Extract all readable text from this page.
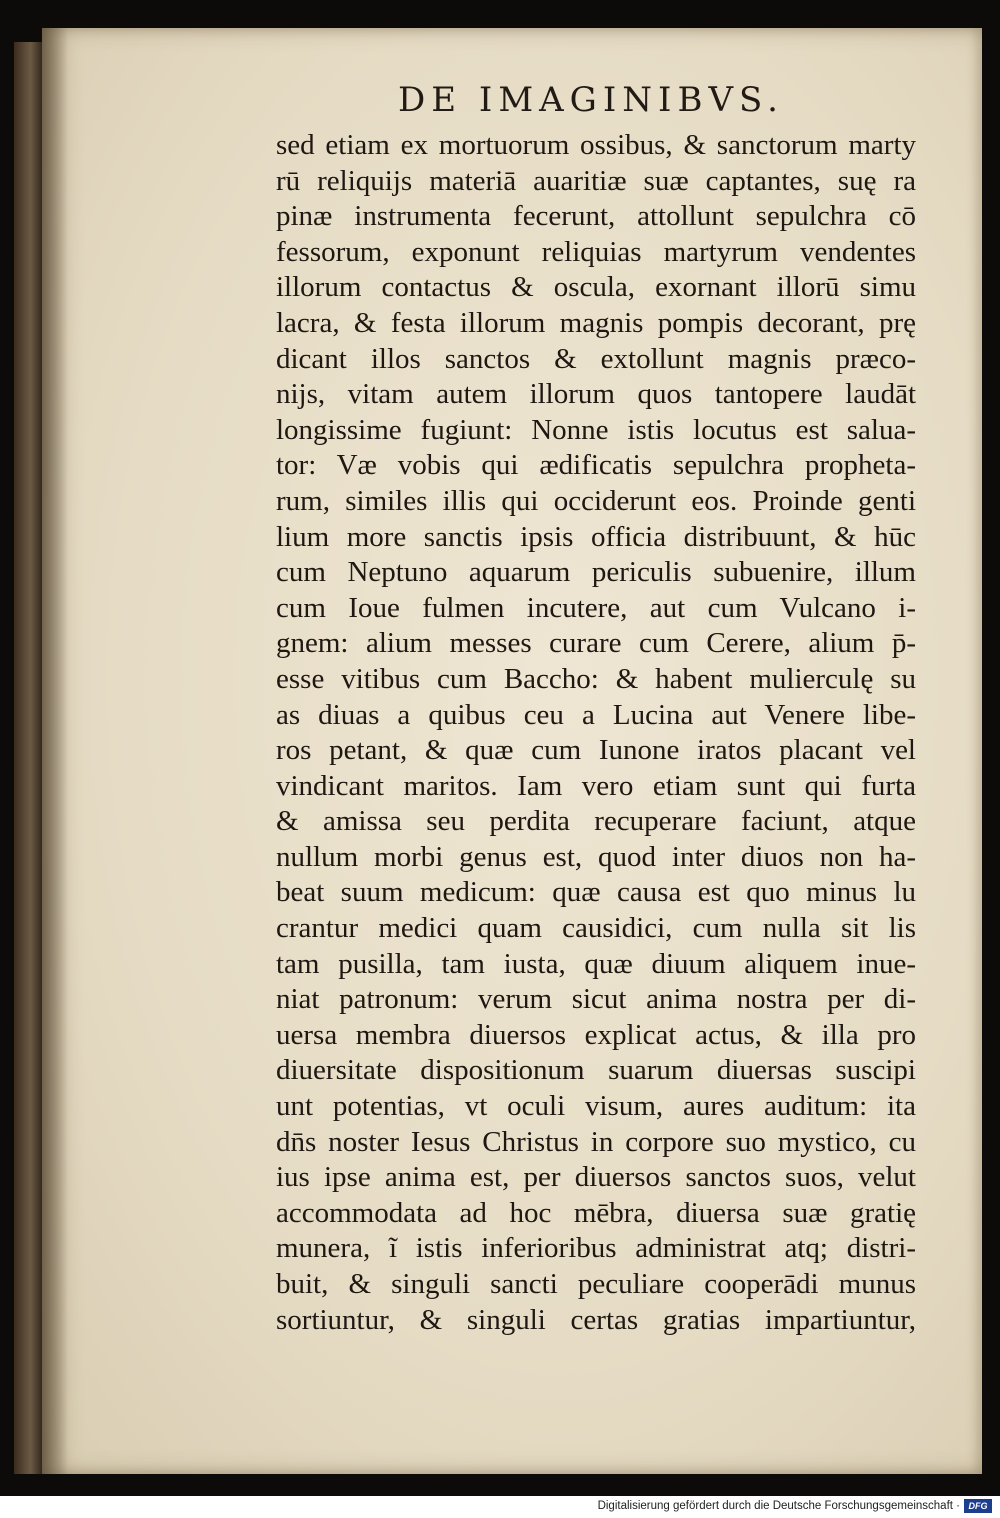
DE IMAGINIBVS.
sed etiam ex mortuorum ossibus, & sanctorum marty
rū reliquijs materiā auaritiæ suæ captantes, suę ra
pinæ instrumenta fecerunt, attollunt sepulchra cō
fessorum, exponunt reliquias martyrum vendentes
illorum contactus & oscula, exornant illorū simu
lacra, & festa illorum magnis pompis decorant, prę
dicant illos sanctos & extollunt magnis præco-
nijs, vitam autem illorum quos tantopere laudāt
longissime fugiunt: Nonne istis locutus est salua-
tor: Væ vobis qui ædificatis sepulchra propheta-
rum, similes illis qui occiderunt eos. Proinde genti
lium more sanctis ipsis officia distribuunt, & hūc
cum Neptuno aquarum periculis subuenire, illum
cum Ioue fulmen incutere, aut cum Vulcano i-
gnem: alium messes curare cum Cerere, alium p̄-
esse vitibus cum Baccho: & habent mulierculę su
as diuas a quibus ceu a Lucina aut Venere libe-
ros petant, & quæ cum Iunone iratos placant vel
vindicant maritos. Iam vero etiam sunt qui furta
& amissa seu perdita recuperare faciunt, atque
nullum morbi genus est, quod inter diuos non ha-
beat suum medicum: quæ causa est quo minus lu
crantur medici quam causidici, cum nulla sit lis
tam pusilla, tam iusta, quæ diuum aliquem inue-
niat patronum: verum sicut anima nostra per di-
uersa membra diuersos explicat actus, & illa pro
diuersitate dispositionum suarum diuersas suscipi
unt potentias, vt oculi visum, aures auditum: ita
dn̄s noster Iesus Christus in corpore suo mystico, cu
ius ipse anima est, per diuersos sanctos suos, velut
accommodata ad hoc mēbra, diuersa suæ gratię
munera, ĩ istis inferioribus administrat atq; distri-
buit, & singuli sancti peculiare cooperādi munus
sortiuntur, & singuli certas gratias impartiuntur,
Digitalisierung gefördert durch die Deutsche Forschungsgemeinschaft · DFG
